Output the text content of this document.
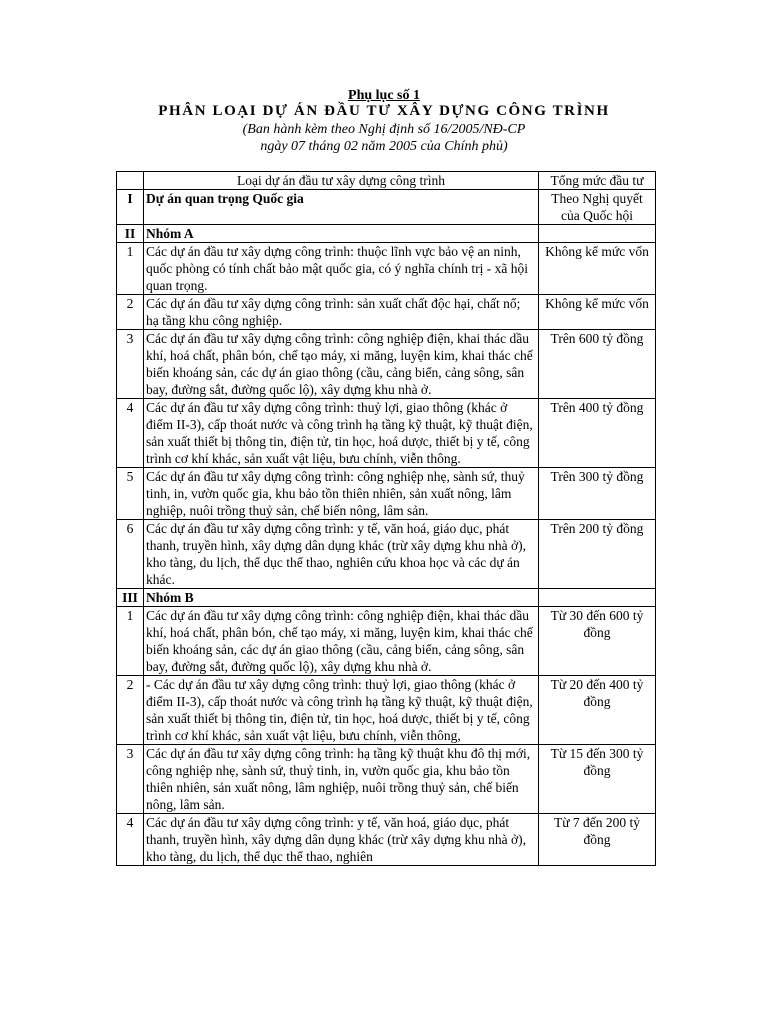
Phụ lục số 1
PHÂN LOẠI DỰ ÁN ĐẦU TƯ XÂY DỰNG CÔNG TRÌNH
(Ban hành kèm theo Nghị định số 16/2005/NĐ-CP
ngày 07 tháng 02 năm 2005 của Chính phủ)
	Loại dự án đầu tư xây dựng công trình	Tổng mức đầu tư
I	Dự án quan trọng Quốc gia	Theo Nghị quyết của Quốc hội
II	Nhóm A	
1	Các dự án đầu tư xây dựng công trình: thuộc lĩnh vực bảo vệ an ninh, quốc phòng có tính chất bảo mật quốc gia, có ý nghĩa chính trị - xã hội quan trọng.	Không kể mức vốn
2	Các dự án đầu tư xây dựng công trình: sản xuất chất độc hại, chất nổ; hạ tầng khu công nghiệp.	Không kể mức vốn
3	Các dự án đầu tư xây dựng công trình: công nghiệp điện, khai thác dầu khí, hoá chất, phân bón, chế tạo máy, xi măng, luyện kim, khai thác chế biến khoáng sản, các dự án giao thông (cầu, cảng biển, cảng sông, sân bay, đường sắt, đường quốc lộ), xây dựng khu nhà ở.	Trên 600 tỷ đồng
4	Các dự án đầu tư xây dựng công trình: thuỷ lợi, giao thông (khác ở điểm II-3), cấp thoát nước và công trình hạ tầng kỹ thuật, kỹ thuật điện, sản xuất thiết bị thông tin, điện tử, tin học, hoá dược, thiết bị y tế, công trình cơ khí khác, sản xuất vật liệu, bưu chính, viễn thông.	Trên 400 tỷ đồng
5	Các dự án đầu tư xây dựng công trình: công nghiệp nhẹ, sành sứ, thuỷ tinh, in, vườn quốc gia, khu bảo tồn thiên nhiên, sản xuất nông, lâm nghiệp, nuôi trồng thuỷ sản, chế biến nông, lâm sản.	Trên 300 tỷ đồng
6	Các dự án đầu tư xây dựng công trình: y tế, văn hoá, giáo dục, phát thanh, truyền hình, xây dựng dân dụng khác (trừ xây dựng khu nhà ở), kho tàng, du lịch, thể dục thể thao, nghiên cứu khoa học và các dự án khác.	Trên 200 tỷ đồng
III	Nhóm B	
1	Các dự án đầu tư xây dựng công trình: công nghiệp điện, khai thác dầu khí, hoá chất, phân bón, chế tạo máy, xi măng, luyện kim, khai thác chế biến khoáng sản, các dự án giao thông (cầu, cảng biển, cảng sông, sân bay, đường sắt, đường quốc lộ), xây dựng khu nhà ở.	Từ 30 đến 600 tỷ đồng
2	- Các dự án đầu tư xây dựng công trình: thuỷ lợi, giao thông (khác ở điểm II-3), cấp thoát nước và công trình hạ tầng kỹ thuật, kỹ thuật điện, sản xuất thiết bị thông tin, điện tử, tin học, hoá dược, thiết bị y tế, công trình cơ khí khác, sản xuất vật liệu, bưu chính, viễn thông,	Từ 20 đến 400 tỷ đồng
3	Các dự án đầu tư xây dựng công trình: hạ tầng kỹ thuật khu đô thị mới, công nghiệp nhẹ, sành sứ, thuỷ tinh, in, vườn quốc gia, khu bảo tồn thiên nhiên, sản xuất nông, lâm nghiệp, nuôi trồng thuỷ sản, chế biến nông, lâm sản.	Từ 15 đến 300 tỷ đồng
4	Các dự án đầu tư xây dựng công trình: y tế, văn hoá, giáo dục, phát thanh, truyền hình, xây dựng dân dụng khác (trừ xây dựng khu nhà ở), kho tàng, du lịch, thể dục thể thao, nghiên	Từ 7 đến 200 tỷ đồng
